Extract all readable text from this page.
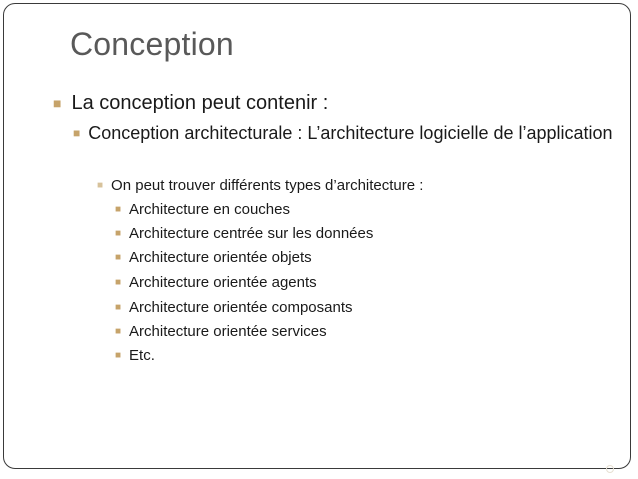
Conception
■ La conception peut contenir :
■ Conception architecturale : L’architecture logicielle de l’application
■ On peut trouver différents types d’architecture :
■ Architecture en couches
■ Architecture centrée sur les données
■ Architecture orientée objets
■ Architecture orientée agents
■ Architecture orientée composants
■ Architecture orientée services
■ Etc.
